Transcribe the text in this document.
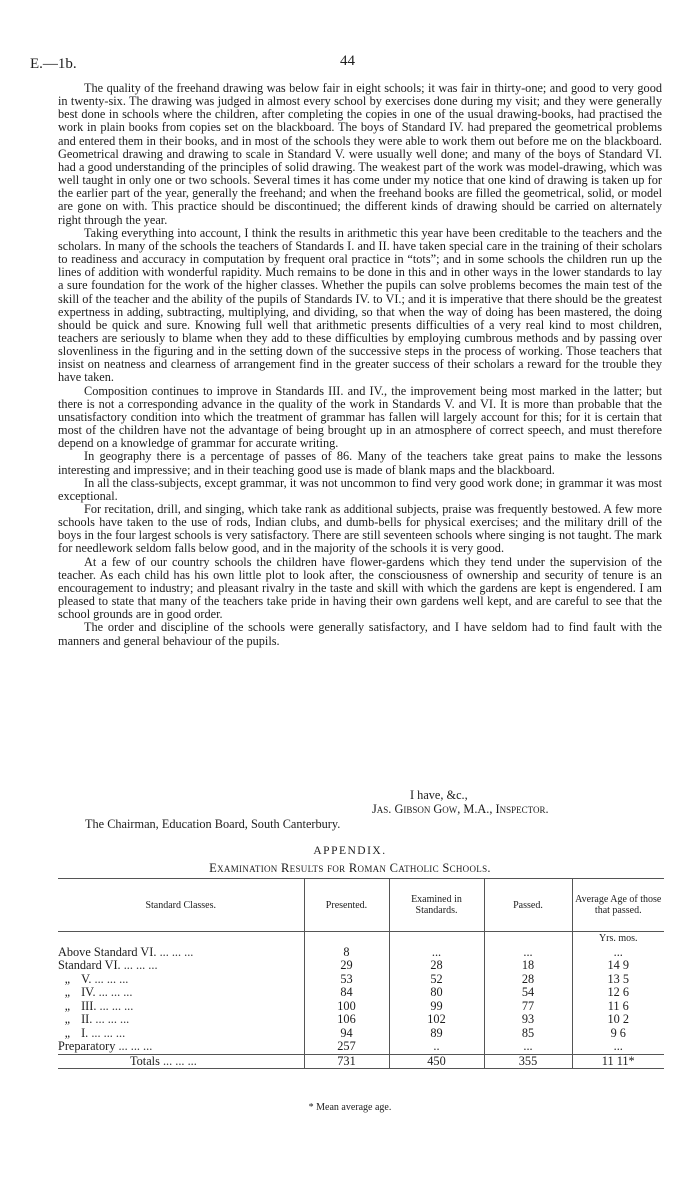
E.—1b.	44

The quality of the freehand drawing was below fair in eight schools; it was fair in thirty-one; and good to very good in twenty-six. The drawing was judged in almost every school by exercises done during my visit; and they were generally best done in schools where the children, after completing the copies in one of the usual drawing-books, had practised the work in plain books from copies set on the blackboard. The boys of Standard IV. had prepared the geometrical problems and entered them in their books, and in most of the schools they were able to work them out before me on the blackboard. Geometrical drawing and drawing to scale in Standard V. were usually well done; and many of the boys of Standard VI. had a good understanding of the principles of solid drawing. The weakest part of the work was model-drawing, which was well taught in only one or two schools. Several times it has come under my notice that one kind of drawing is taken up for the earlier part of the year, generally the freehand; and when the freehand books are filled the geometrical, solid, or model are gone on with. This practice should be discontinued; the different kinds of drawing should be carried on alternately right through the year.

Taking everything into account, I think the results in arithmetic this year have been creditable to the teachers and the scholars. In many of the schools the teachers of Standards I. and II. have taken special care in the training of their scholars to readiness and accuracy in computation by frequent oral practice in “tots”; and in some schools the children run up the lines of addition with wonderful rapidity. Much remains to be done in this and in other ways in the lower standards to lay a sure foundation for the work of the higher classes. Whether the pupils can solve problems becomes the main test of the skill of the teacher and the ability of the pupils of Standards IV. to VI.; and it is imperative that there should be the greatest expertness in adding, subtracting, multiplying, and dividing, so that when the way of doing has been mastered, the doing should be quick and sure. Knowing full well that arithmetic presents difficulties of a very real kind to most children, teachers are seriously to blame when they add to these difficulties by employing cumbrous methods and by passing over slovenliness in the figuring and in the setting down of the successive steps in the process of working. Those teachers that insist on neatness and clearness of arrangement find in the greater success of their scholars a reward for the trouble they have taken.

Composition continues to improve in Standards III. and IV., the improvement being most marked in the latter; but there is not a corresponding advance in the quality of the work in Standards V. and VI. It is more than probable that the unsatisfactory condition into which the treatment of grammar has fallen will largely account for this; for it is certain that most of the children have not the advantage of being brought up in an atmosphere of correct speech, and must therefore depend on a knowledge of grammar for accurate writing.

In geography there is a percentage of passes of 86. Many of the teachers take great pains to make the lessons interesting and impressive; and in their teaching good use is made of blank maps and the blackboard.

In all the class-subjects, except grammar, it was not uncommon to find very good work done; in grammar it was most exceptional.

For recitation, drill, and singing, which take rank as additional subjects, praise was frequently bestowed. A few more schools have taken to the use of rods, Indian clubs, and dumb-bells for physical exercises; and the military drill of the boys in the four largest schools is very satisfactory. There are still seventeen schools where singing is not taught. The mark for needlework seldom falls below good, and in the majority of the schools it is very good.

At a few of our country schools the children have flower-gardens which they tend under the supervision of the teacher. As each child has his own little plot to look after, the consciousness of ownership and security of tenure is an encouragement to industry; and pleasant rivalry in the taste and skill with which the gardens are kept is engendered. I am pleased to state that many of the teachers take pride in having their own gardens well kept, and are careful to see that the school grounds are in good order.

The order and discipline of the schools were generally satisfactory, and I have seldom had to find fault with the manners and general behaviour of the pupils.

I have, &c.,
Jas. Gibson Gow, M.A., Inspector.
The Chairman, Education Board, South Canterbury.
APPENDIX.
Examination Results for Roman Catholic Schools.
Standard Classes.	Presented.	Examined in Standards.	Passed.	Average Age of those that passed.
				Yrs. mos.
Above Standard VI. ... ... ...	8	...	...	...
Standard VI. ... ... ...	29	28	18	14 9
„ V. ... ... ...	53	52	28	13 5
„ IV. ... ... ...	84	80	54	12 6
„ III. ... ... ...	100	99	77	11 6
„ II. ... ... ...	106	102	93	10 2
„ I. ... ... ...	94	89	85	9 6
Preparatory ... ... ...	257	..	...	...
Totals ... ... ...	731	450	355	11 11*
* Mean average age.
